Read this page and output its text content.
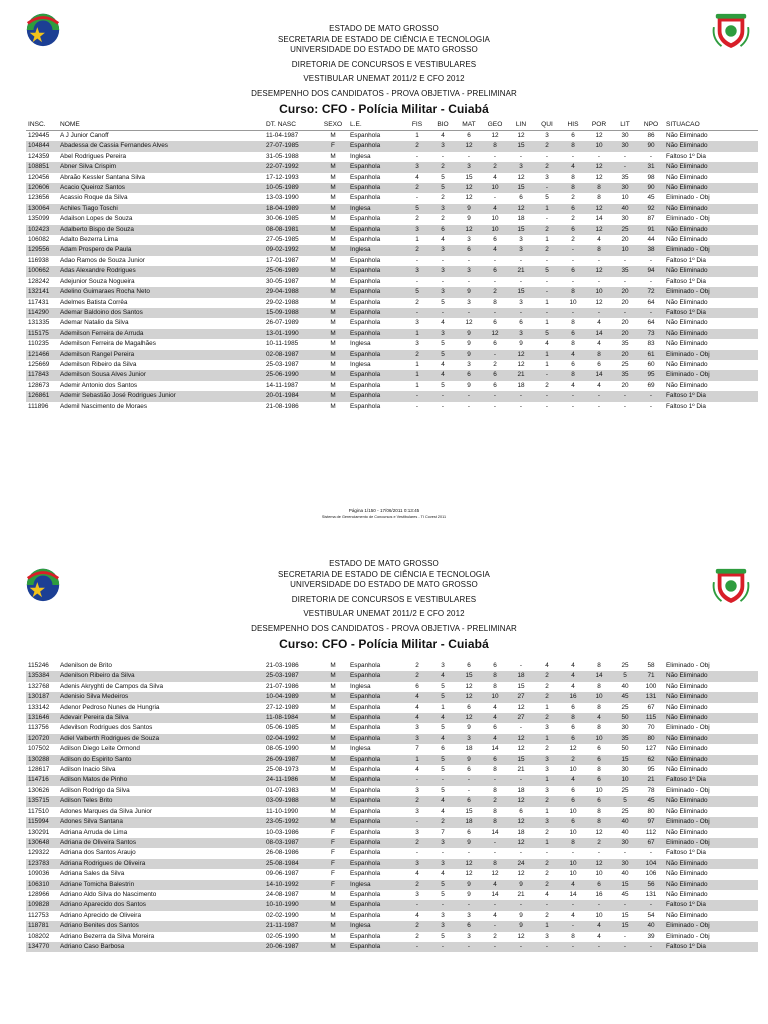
ESTADO DE MATO GROSSO
SECRETARIA DE ESTADO DE CIÊNCIA E TECNOLOGIA
UNIVERSIDADE DO ESTADO DE MATO GROSSO
DIRETORIA DE CONCURSOS E VESTIBULARES
VESTIBULAR UNEMAT 2011/2 E CFO 2012
DESEMPENHO DOS CANDIDATOS - PROVA OBJETIVA - PRELIMINAR
Curso: CFO - Polícia Militar - Cuiabá
INSC.	NOME	DT. NASC	SEXO	L.E.	FIS	BIO	MAT	GEO	LIN	QUI	HIS	POR	LIT	NPO	SITUACAO
129445	A J Junior Canoff	11-04-1987	M	Espanhola	1	4	6	12	12	3	6	12	30	86	Não Eliminado
104844	Abadessa de Cassia Fernandes Alves	27-07-1985	F	Espanhola	2	3	12	8	15	2	8	10	30	90	Não Eliminado
124359	Abel Rodrigues Pereira	31-05-1988	M	Inglesa	-	-	-	-	-	-	-	-	-	-	Faltoso 1º Dia
108851	Abner Silva Crispim	22-07-1992	M	Espanhola	3	2	3	2	3	2	4	12	-	31	Não Eliminado
120456	Abraão Kessler Santana Silva	17-12-1993	M	Espanhola	4	5	15	4	12	3	8	12	35	98	Não Eliminado
120606	Acacio Queiroz Santos	10-05-1989	M	Espanhola	2	5	12	10	15	-	8	8	30	90	Não Eliminado
123656	Acassio Roque da Silva	13-03-1990	M	Espanhola	-	2	12	-	6	5	2	8	10	45	Eliminado - Obj
130064	Achiles Tiago Toschi	18-04-1989	M	Inglesa	5	3	9	4	12	1	6	12	40	92	Não Eliminado
135099	Adailson Lopes de Souza	30-06-1985	M	Espanhola	2	2	9	10	18	-	2	14	30	87	Eliminado - Obj
102423	Adalberto Bispo de Souza	08-08-1981	M	Espanhola	3	6	12	10	15	2	6	12	25	91	Não Eliminado
106082	Adalto Bezerra Lima	27-05-1985	M	Espanhola	1	4	3	6	3	1	2	4	20	44	Não Eliminado
129556	Adam Prospero de Paula	09-02-1992	M	Inglesa	2	3	6	4	3	2	-	8	10	38	Eliminado - Obj
116938	Adao Ramos de Souza Junior	17-01-1987	M	Espanhola	-	-	-	-	-	-	-	-	-	-	Faltoso 1º Dia
100662	Adas Alexandre Rodrigues	25-06-1989	M	Espanhola	3	3	3	6	21	5	6	12	35	94	Não Eliminado
128242	Adejunior Souza Nogueira	30-05-1987	M	Espanhola	-	-	-	-	-	-	-	-	-	-	Faltoso 1º Dia
132141	Adelino Guimaraes Rocha Neto	29-04-1988	M	Espanhola	5	3	9	2	15	-	8	10	20	72	Eliminado - Obj
117431	Adelmes Batista Corrêa	29-02-1988	M	Espanhola	2	5	3	8	3	1	10	12	20	64	Não Eliminado
114290	Ademar Baldoino dos Santos	15-09-1988	M	Espanhola	-	-	-	-	-	-	-	-	-	-	Faltoso 1º Dia
131335	Ademar Natalio da Silva	26-07-1989	M	Espanhola	3	4	12	6	6	1	8	4	20	64	Não Eliminado
115175	Ademilson Ferreira de Arruda	13-01-1990	M	Espanhola	1	3	9	12	3	5	6	14	20	73	Não Eliminado
110235	Ademilson Ferreira de Magalhães	10-11-1985	M	Inglesa	3	5	9	6	9	4	8	4	35	83	Não Eliminado
121466	Ademilson Rangel Pereira	02-08-1987	M	Espanhola	2	5	9	-	12	1	4	8	20	61	Eliminado - Obj
125669	Ademilson Ribeiro da Silva	25-03-1987	M	Inglesa	1	4	3	2	12	1	6	6	25	60	Não Eliminado
117843	Ademilson Sousa Alves Junior	25-06-1990	M	Espanhola	1	4	6	6	21	-	8	14	35	95	Eliminado - Obj
128673	Ademir Antonio dos Santos	14-11-1987	M	Espanhola	1	5	9	6	18	2	4	4	20	69	Não Eliminado
126861	Ademir Sebastião José Rodrigues Junior	20-01-1984	M	Espanhola	-	-	-	-	-	-	-	-	-	-	Faltoso 1º Dia
111896	Ademil Nascimento de Moraes	21-08-1986	M	Espanhola	-	-	-	-	-	-	-	-	-	-	Faltoso 1º Dia
Página 1/150 - 17/06/2011 0:13:45
Sistema de Gerenciamento de Concursos e Vestibulares - TI Covest 2011
ESTADO DE MATO GROSSO
SECRETARIA DE ESTADO DE CIÊNCIA E TECNOLOGIA
UNIVERSIDADE DO ESTADO DE MATO GROSSO
DIRETORIA DE CONCURSOS E VESTIBULARES
VESTIBULAR UNEMAT 2011/2 E CFO 2012
DESEMPENHO DOS CANDIDATOS - PROVA OBJETIVA - PRELIMINAR
Curso: CFO - Polícia Militar - Cuiabá
115246	Adenilson de Brito	21-03-1986	M	Espanhola	2	3	6	6	-	4	4	8	25	58	Eliminado - Obj
135384	Adenilson Ribeiro da Silva	25-03-1987	M	Espanhola	2	4	15	8	18	2	4	14	5	71	Não Eliminado
132768	Adenis Akryghti de Campos da Silva	21-07-1986	M	Inglesa	6	5	12	8	15	2	4	8	40	100	Não Eliminado
130187	Adenisio Silva Medeiros	10-04-1989	M	Espanhola	4	5	12	10	27	2	16	10	45	131	Não Eliminado
133142	Adenor Pedroso Nunes de Hungria	27-12-1989	M	Espanhola	4	1	6	4	12	1	6	8	25	67	Não Eliminado
131646	Adevair Pereira da Silva	11-08-1984	M	Espanhola	4	4	12	4	27	2	8	4	50	115	Não Eliminado
113756	Adevilson Rodrigues dos Santos	05-06-1985	M	Espanhola	3	5	9	6	-	3	6	8	30	70	Eliminado - Obj
120720	Adiel Valberth Rodrigues de Souza	02-04-1992	M	Espanhola	3	4	3	4	12	1	6	10	35	80	Não Eliminado
107502	Adilson Diego Leite Ormond	08-05-1990	M	Inglesa	7	6	18	14	12	2	12	6	50	127	Não Eliminado
130288	Adilson do Espirito Santo	26-09-1987	M	Espanhola	1	5	9	6	15	3	2	6	15	62	Não Eliminado
128617	Adilson Inacio Silva	25-08-1973	M	Espanhola	4	5	6	8	21	3	10	8	30	95	Não Eliminado
114716	Adilson Matos de Pinho	24-11-1986	M	Espanhola	-	-	-	-	-	1	4	6	10	21	Faltoso 1º Dia
130626	Adilson Rodrigo da Silva	01-07-1983	M	Espanhola	3	5	-	8	18	3	6	10	25	78	Eliminado - Obj
135715	Adilson Teles Brito	03-09-1988	M	Espanhola	2	4	6	2	12	2	6	6	5	45	Não Eliminado
117510	Adones Marques da Silva Junior	11-10-1990	M	Espanhola	3	4	15	8	6	1	10	8	25	80	Não Eliminado
115994	Adones Silva Santana	23-05-1992	M	Espanhola	-	2	18	8	12	3	6	8	40	97	Eliminado - Obj
130291	Adriana Arruda de Lima	10-03-1986	F	Espanhola	3	7	6	14	18	2	10	12	40	112	Não Eliminado
130648	Adriana de Oliveira Santos	08-03-1987	F	Espanhola	2	3	9	-	12	1	8	2	30	67	Eliminado - Obj
129322	Adriana dos Santos Araujo	26-08-1986	F	Espanhola	-	-	-	-	-	-	-	-	-	-	Faltoso 1º Dia
123783	Adriana Rodrigues de Oliveira	25-08-1984	F	Espanhola	3	3	12	8	24	2	10	12	30	104	Não Eliminado
109036	Adriana Sales da Silva	09-06-1987	F	Espanhola	4	4	12	12	12	2	10	10	40	106	Não Eliminado
106310	Adriane Tomicha Balestrin	14-10-1992	F	Inglesa	2	5	9	4	9	2	4	6	15	56	Não Eliminado
128966	Adriano Aldo Silva do Nascimento	24-08-1987	M	Espanhola	3	5	9	14	21	4	14	16	45	131	Não Eliminado
109828	Adriano Aparecido dos Santos	10-10-1990	M	Espanhola	-	-	-	-	-	-	-	-	-	-	Faltoso 1º Dia
112753	Adriano Aprecido de Oliveira	02-02-1990	M	Espanhola	4	3	3	4	9	2	4	10	15	54	Não Eliminado
118781	Adriano Benites dos Santos	21-11-1987	M	Inglesa	2	3	6	-	9	1	-	4	15	40	Eliminado - Obj
108202	Adriano Bezerra da Silva Moreira	02-05-1990	M	Espanhola	2	5	3	2	12	3	8	4	-	39	Eliminado - Obj
134770	Adriano Caso Barbosa	20-06-1987	M	Espanhola	-	-	-	-	-	-	-	-	-	-	Faltoso 1º Dia
